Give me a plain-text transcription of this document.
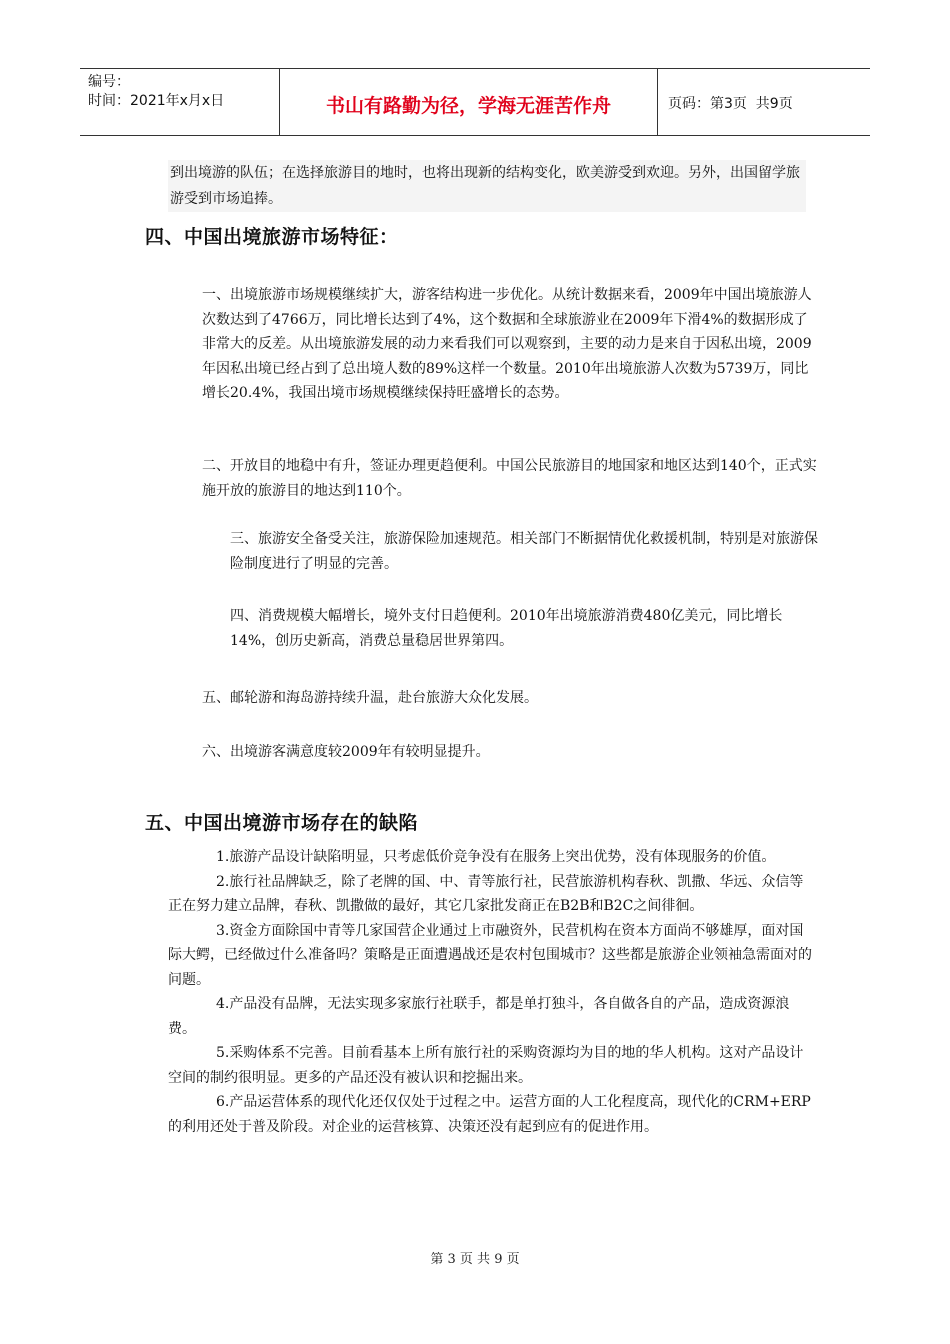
编号：
时间：2021年x月x日	书山有路勤为径，学海无涯苦作舟	页码：第3页  共9页
到出境游的队伍；在选择旅游目的地时，也将出现新的结构变化，欧美游受到欢迎。另外，出国留学旅游受到市场追捧。
四、中国出境旅游市场特征：

一、出境旅游市场规模继续扩大，游客结构进一步优化。从统计数据来看，2009年中国出境旅游人次数达到了4766万，同比增长达到了4%，这个数据和全球旅游业在2009年下滑4%的数据形成了非常大的反差。从出境旅游发展的动力来看我们可以观察到，主要的动力是来自于因私出境，2009年因私出境已经占到了总出境人数的89%这样一个数量。2010年出境旅游人次数为5739万，同比增长20.4%，我国出境市场规模继续保持旺盛增长的态势。

二、开放目的地稳中有升，签证办理更趋便利。中国公民旅游目的地国家和地区达到140个，正式实施开放的旅游目的地达到110个。

三、旅游安全备受关注，旅游保险加速规范。相关部门不断据情优化救援机制，特别是对旅游保险制度进行了明显的完善。

四、消费规模大幅增长，境外支付日趋便利。2010年出境旅游消费480亿美元，同比增长14%，创历史新高，消费总量稳居世界第四。

五、邮轮游和海岛游持续升温，赴台旅游大众化发展。

六、出境游客满意度较2009年有较明显提升。

五、中国出境游市场存在的缺陷

1.旅游产品设计缺陷明显，只考虑低价竞争没有在服务上突出优势，没有体现服务的价值。

2.旅行社品牌缺乏，除了老牌的国、中、青等旅行社，民营旅游机构春秋、凯撒、华远、众信等正在努力建立品牌，春秋、凯撒做的最好，其它几家批发商正在B2B和B2C之间徘徊。

3.资金方面除国中青等几家国营企业通过上市融资外，民营机构在资本方面尚不够雄厚，面对国际大鳄，已经做过什么准备吗？策略是正面遭遇战还是农村包围城市？这些都是旅游企业领袖急需面对的问题。

4.产品没有品牌，无法实现多家旅行社联手，都是单打独斗，各自做各自的产品，造成资源浪费。

5.采购体系不完善。目前看基本上所有旅行社的采购资源均为目的地的华人机构。这对产品设计空间的制约很明显。更多的产品还没有被认识和挖掘出来。

6.产品运营体系的现代化还仅仅处于过程之中。运营方面的人工化程度高，现代化的CRM+ERP的利用还处于普及阶段。对企业的运营核算、决策还没有起到应有的促进作用。

第 3 页 共 9 页
